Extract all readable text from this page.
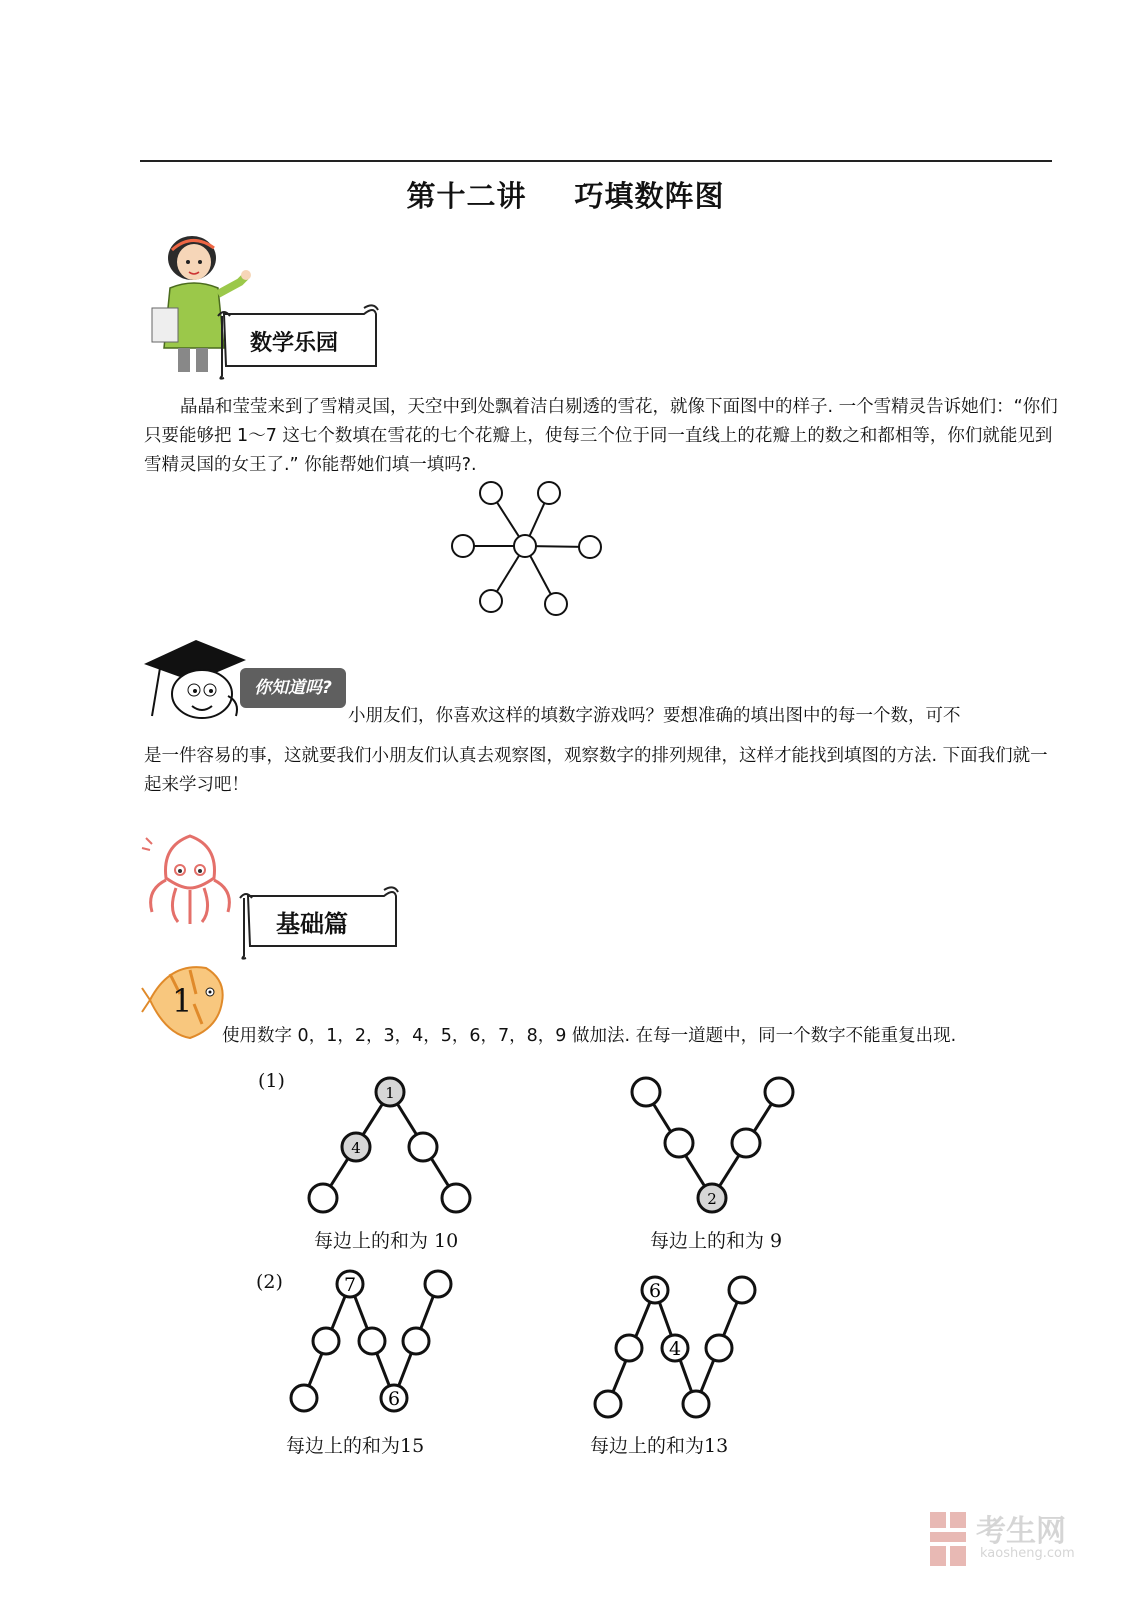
第十二讲 巧填数阵图
数学乐园
晶晶和莹莹来到了雪精灵国，天空中到处飘着洁白剔透的雪花，就像下面图中的样子. 一个雪精灵告诉她们：“你们只要能够把 1～7 这七个数填在雪花的七个花瓣上，使每三个位于同一直线上的花瓣上的数之和都相等，你们就能见到雪精灵国的女王了.” 你能帮她们填一填吗?.
你知道吗?
小朋友们，你喜欢这样的填数字游戏吗？要想准确的填出图中的每一个数，可不
是一件容易的事，这就要我们小朋友们认真去观察图，观察数字的排列规律，这样才能找到填图的方法. 下面我们就一起来学习吧！
基础篇
1
使用数字 0，1，2，3，4，5，6，7，8，9 做加法. 在每一道题中，同一个数字不能重复出现.
(1)
(2)
1
4
每边上的和为 10
2
每边上的和为 9
7
6
每边上的和为15
6
4
每边上的和为13
考生网
kaosheng.com
